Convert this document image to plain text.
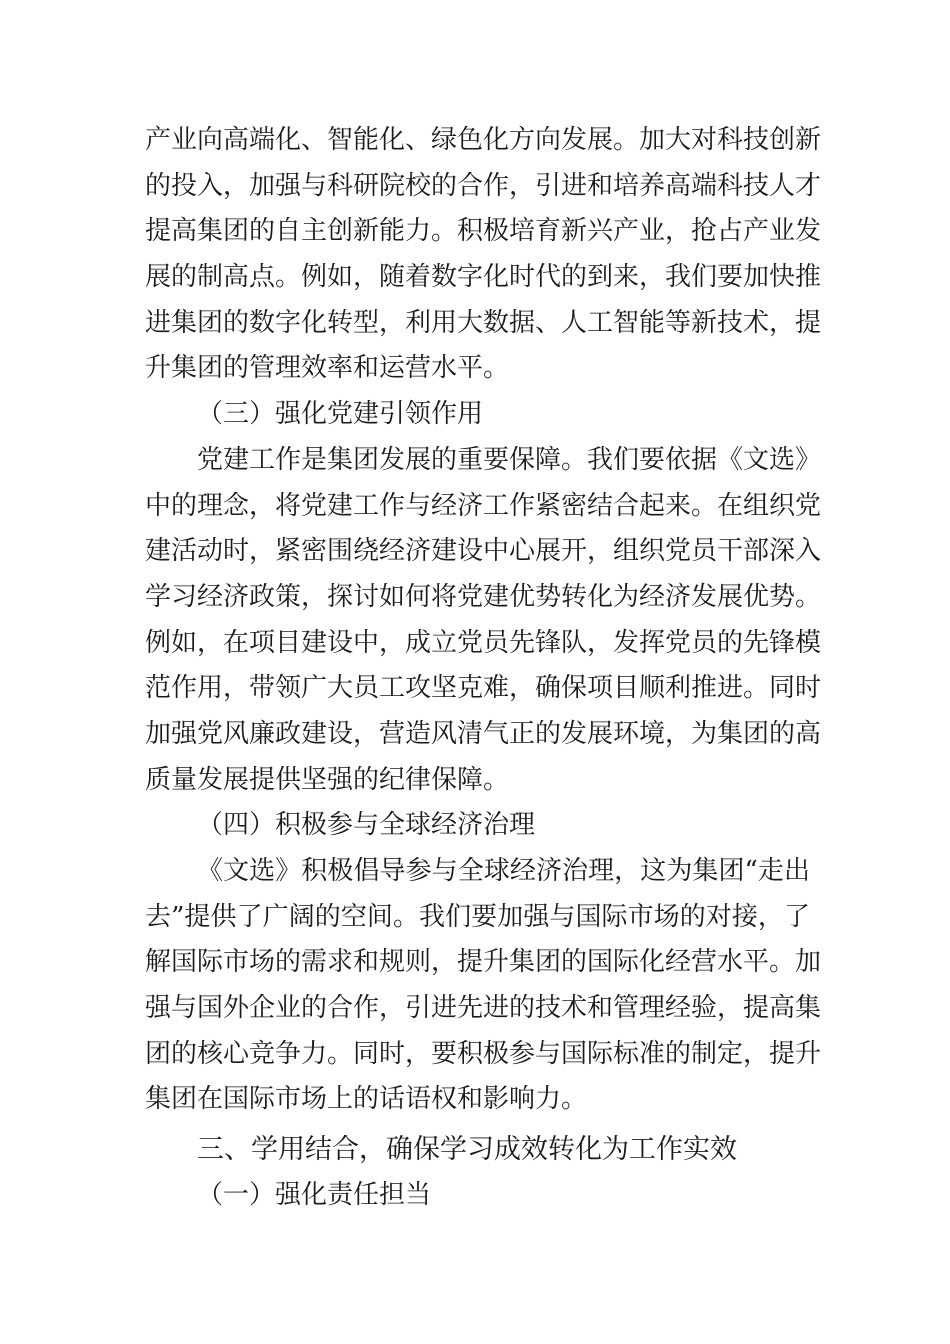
产业向高端化、智能化、绿色化方向发展。加大对科技创新
的投入，加强与科研院校的合作，引进和培养高端科技人才
提高集团的自主创新能力。积极培育新兴产业，抢占产业发
展的制高点。例如，随着数字化时代的到来，我们要加快推
进集团的数字化转型，利用大数据、人工智能等新技术，提
升集团的管理效率和运营水平。
（三）强化党建引领作用
党建工作是集团发展的重要保障。我们要依据《文选》
中的理念，将党建工作与经济工作紧密结合起来。在组织党
建活动时，紧密围绕经济建设中心展开，组织党员干部深入
学习经济政策，探讨如何将党建优势转化为经济发展优势。
例如，在项目建设中，成立党员先锋队，发挥党员的先锋模
范作用，带领广大员工攻坚克难，确保项目顺利推进。同时
加强党风廉政建设，营造风清气正的发展环境，为集团的高
质量发展提供坚强的纪律保障。
（四）积极参与全球经济治理
《文选》积极倡导参与全球经济治理，这为集团“走出
去”提供了广阔的空间。我们要加强与国际市场的对接，了
解国际市场的需求和规则，提升集团的国际化经营水平。加
强与国外企业的合作，引进先进的技术和管理经验，提高集
团的核心竞争力。同时，要积极参与国际标准的制定，提升
集团在国际市场上的话语权和影响力。
三、学用结合，确保学习成效转化为工作实效
（一）强化责任担当
